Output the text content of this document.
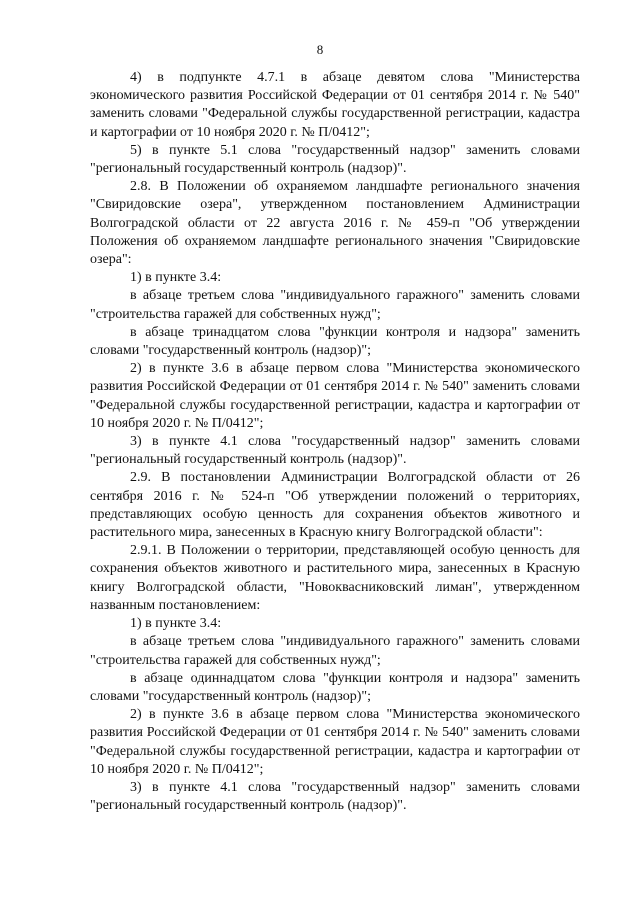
8

4) в подпункте 4.7.1 в абзаце девятом слова "Министерства экономического развития Российской Федерации от 01 сентября 2014 г. № 540" заменить словами "Федеральной службы государственной регистрации, кадастра и картографии от 10 ноября 2020 г. № П/0412";

5) в пункте 5.1 слова "государственный надзор" заменить словами "региональный государственный контроль (надзор)".

2.8. В Положении об охраняемом ландшафте регионального значения "Свиридовские озера", утвержденном постановлением Администрации Волгоградской области от 22 августа 2016 г. № 459-п "Об утверждении Положения об охраняемом ландшафте регионального значения "Свиридовские озера":

1) в пункте 3.4:

в абзаце третьем слова "индивидуального гаражного" заменить словами "строительства гаражей для собственных нужд";

в абзаце тринадцатом слова "функции контроля и надзора" заменить словами "государственный контроль (надзор)";

2) в пункте 3.6 в абзаце первом слова "Министерства экономического развития Российской Федерации от 01 сентября 2014 г. № 540" заменить словами "Федеральной службы государственной регистрации, кадастра и картографии от 10 ноября 2020 г. № П/0412";

3) в пункте 4.1 слова "государственный надзор" заменить словами "региональный государственный контроль (надзор)".

2.9. В постановлении Администрации Волгоградской области от 26 сентября 2016 г. № 524-п "Об утверждении положений о территориях, представляющих особую ценность для сохранения объектов животного и растительного мира, занесенных в Красную книгу Волгоградской области":

2.9.1. В Положении о территории, представляющей особую ценность для сохранения объектов животного и растительного мира, занесенных в Красную книгу Волгоградской области, "Новоквасниковский лиман", утвержденном названным постановлением:

1) в пункте 3.4:

в абзаце третьем слова "индивидуального гаражного" заменить словами "строительства гаражей для собственных нужд";

в абзаце одиннадцатом слова "функции контроля и надзора" заменить словами "государственный контроль (надзор)";

2) в пункте 3.6 в абзаце первом слова "Министерства экономического развития Российской Федерации от 01 сентября 2014 г. № 540" заменить словами "Федеральной службы государственной регистрации, кадастра и картографии от 10 ноября 2020 г. № П/0412";

3) в пункте 4.1 слова "государственный надзор" заменить словами "региональный государственный контроль (надзор)".
